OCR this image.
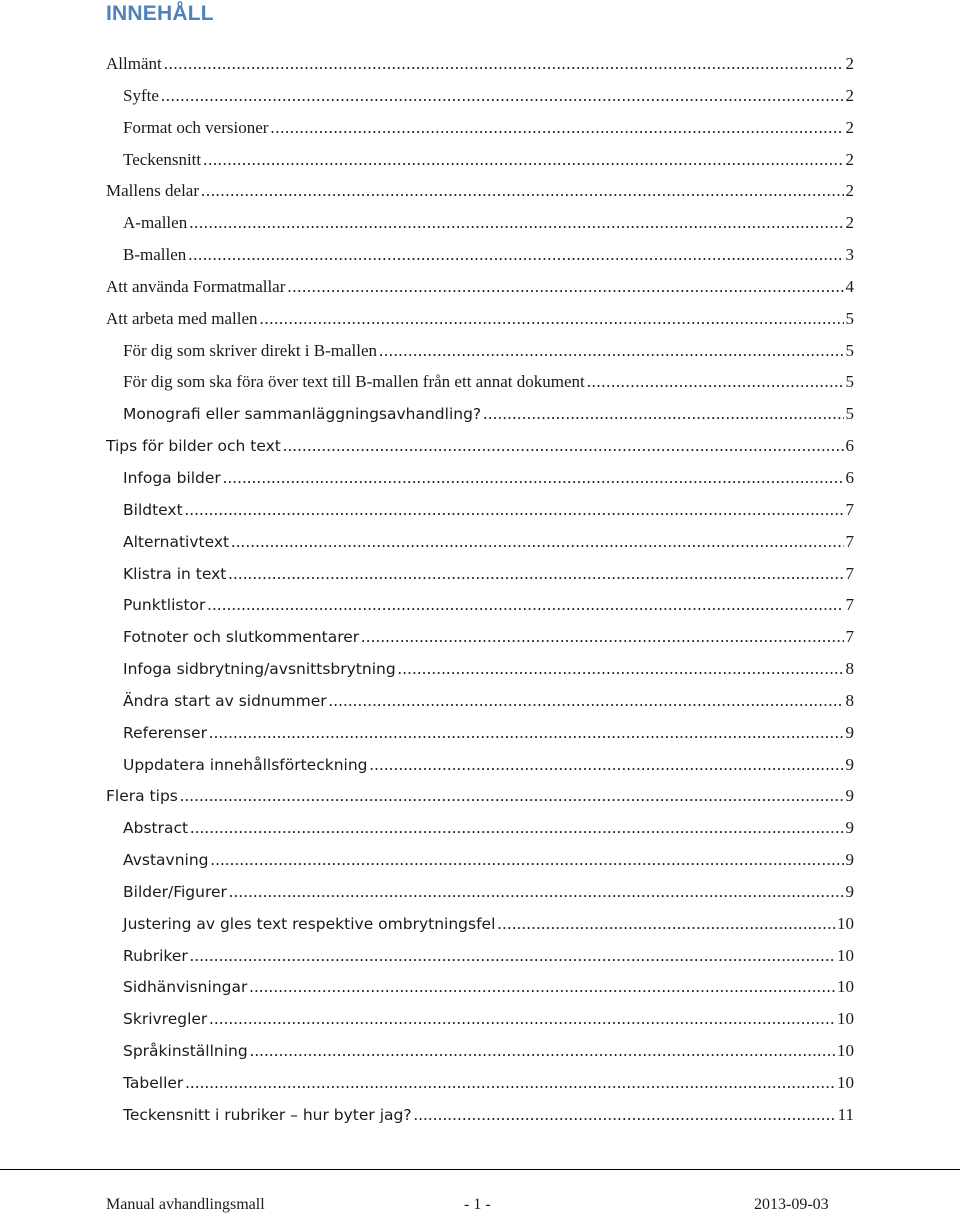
INNEHÅLL
Allmänt .....	2
Syfte .....	2
Format och versioner .....	2
Teckensnitt .....	2
Mallens delar .....	2
A-mallen .....	2
B-mallen .....	3
Att använda Formatmallar .....	4
Att arbeta med mallen .....	5
För dig som skriver direkt i B-mallen .....	5
För dig som ska föra över text till B-mallen från ett annat dokument .....	5
Monografi eller sammanläggningsavhandling? .....	5
Tips för bilder och text .....	6
Infoga bilder .....	6
Bildtext .....	7
Alternativtext .....	7
Klistra in text .....	7
Punktlistor .....	7
Fotnoter och slutkommentarer .....	7
Infoga sidbrytning/avsnittsbrytning .....	8
Ändra start av sidnummer .....	8
Referenser .....	9
Uppdatera innehållsförteckning .....	9
Flera tips .....	9
Abstract .....	9
Avstavning .....	9
Bilder/Figurer .....	9
Justering av gles text respektive ombrytningsfel .....	10
Rubriker .....	10
Sidhänvisningar .....	10
Skrivregler .....	10
Språkinställning .....	10
Tabeller .....	10
Teckensnitt i rubriker – hur byter jag? .....	11
Manual avhandlingsmall	- 1 -	2013-09-03
